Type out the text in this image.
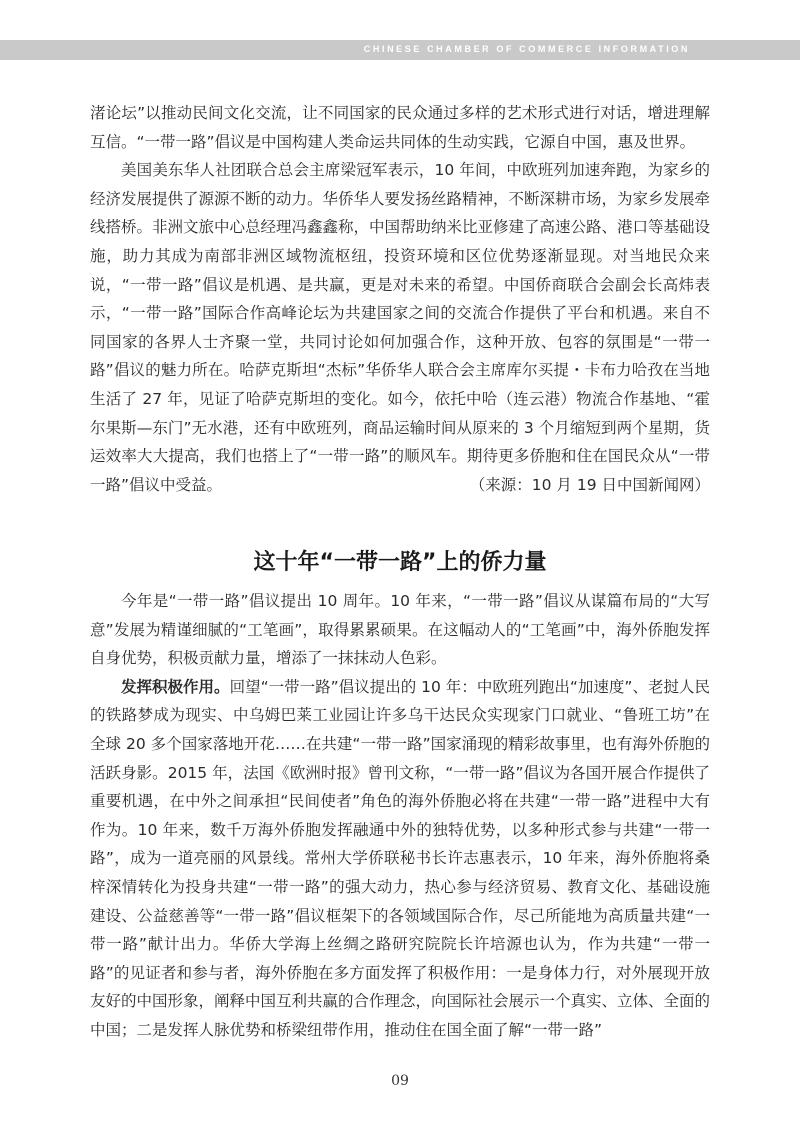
CHINESE CHAMBER OF COMMERCE INFORMATION

渚论坛”以推动民间文化交流，让不同国家的民众通过多样的艺术形式进行对话，增进理解互信。“一带一路”倡议是中国构建人类命运共同体的生动实践，它源自中国，惠及世界。

美国美东华人社团联合总会主席梁冠军表示，10 年间，中欧班列加速奔跑，为家乡的经济发展提供了源源不断的动力。华侨华人要发扬丝路精神，不断深耕市场，为家乡发展牵线搭桥。非洲文旅中心总经理冯鑫鑫称，中国帮助纳米比亚修建了高速公路、港口等基础设施，助力其成为南部非洲区域物流枢纽，投资环境和区位优势逐渐显现。对当地民众来说，“一带一路”倡议是机遇、是共赢，更是对未来的希望。中国侨商联合会副会长高炜表示，“一带一路”国际合作高峰论坛为共建国家之间的交流合作提供了平台和机遇。来自不同国家的各界人士齐聚一堂，共同讨论如何加强合作，这种开放、包容的氛围是“一带一路”倡议的魅力所在。哈萨克斯坦“杰标”华侨华人联合会主席库尔买提・卡布力哈孜在当地生活了 27 年，见证了哈萨克斯坦的变化。如今，依托中哈（连云港）物流合作基地、“霍尔果斯—东门”无水港，还有中欧班列，商品运输时间从原来的 3 个月缩短到两个星期，货运效率大大提高，我们也搭上了“一带一路”的顺风车。期待更多侨胞和住在国民众从“一带一路”倡议中受益。	（来源：10 月 19 日中国新闻网）

这十年“一带一路”上的侨力量

今年是“一带一路”倡议提出 10 周年。10 年来，“一带一路”倡议从谋篇布局的“大写意”发展为精谨细腻的“工笔画”，取得累累硕果。在这幅动人的“工笔画”中，海外侨胞发挥自身优势，积极贡献力量，增添了一抹抹动人色彩。

发挥积极作用。回望“一带一路”倡议提出的 10 年：中欧班列跑出“加速度”、老挝人民的铁路梦成为现实、中乌姆巴莱工业园让许多乌干达民众实现家门口就业、“鲁班工坊”在全球 20 多个国家落地开花……在共建“一带一路”国家涌现的精彩故事里，也有海外侨胞的活跃身影。2015 年，法国《欧洲时报》曾刊文称，“一带一路”倡议为各国开展合作提供了重要机遇，在中外之间承担“民间使者”角色的海外侨胞必将在共建“一带一路”进程中大有作为。10 年来，数千万海外侨胞发挥融通中外的独特优势，以多种形式参与共建“一带一路”，成为一道亮丽的风景线。常州大学侨联秘书长许志惠表示，10 年来，海外侨胞将桑梓深情转化为投身共建“一带一路”的强大动力，热心参与经济贸易、教育文化、基础设施建设、公益慈善等“一带一路”倡议框架下的各领域国际合作，尽己所能地为高质量共建“一带一路”献计出力。华侨大学海上丝绸之路研究院院长许培源也认为，作为共建“一带一路”的见证者和参与者，海外侨胞在多方面发挥了积极作用：一是身体力行，对外展现开放友好的中国形象，阐释中国互利共赢的合作理念，向国际社会展示一个真实、立体、全面的中国；二是发挥人脉优势和桥梁纽带作用，推动住在国全面了解“一带一路”

09
